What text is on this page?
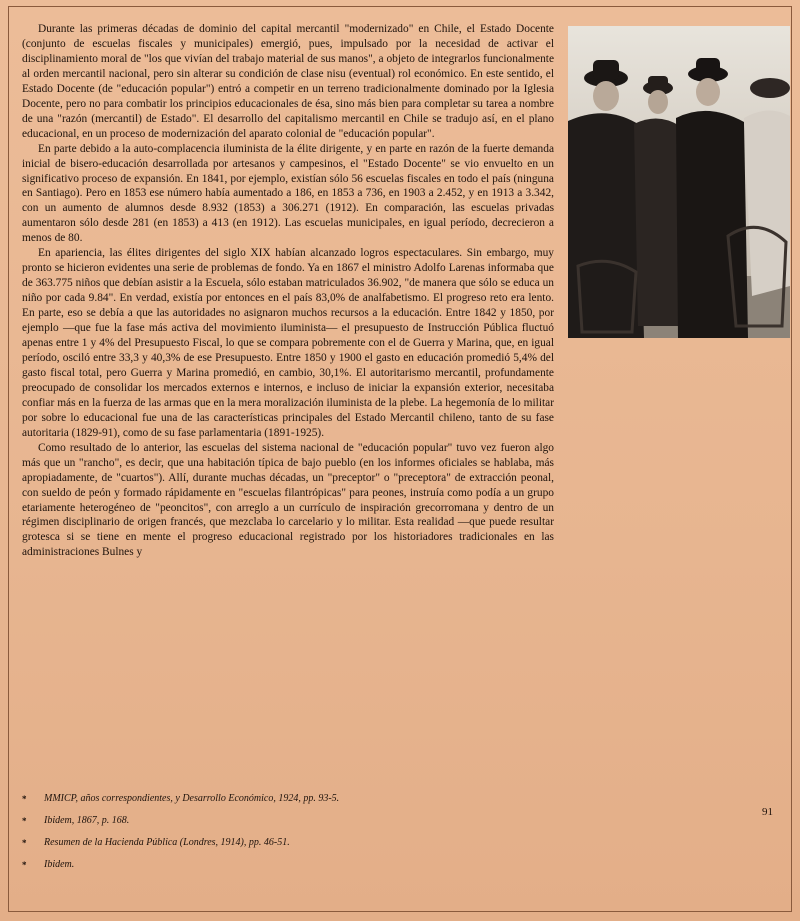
Durante las primeras décadas de dominio del capital mercantil "modernizado" en Chile, el Estado Docente (conjunto de escuelas fiscales y municipales) emergió, pues, impulsado por la necesidad de activar el disciplinamiento moral de "los que vivían del trabajo material de sus manos", a objeto de integrarlos funcionalmente al orden mercantil nacional, pero sin alterar su condición de clase nisu (eventual) rol económico. En este sentido, el Estado Docente (de "educación popular") entró a competir en un terreno tradicionalmente dominado por la Iglesia Docente, pero no para combatir los principios educacionales de ésa, sino más bien para completar su tarea a nombre de una "razón (mercantil) de Estado". El desarrollo del capitalismo mercantil en Chile se tradujo así, en el plano educacional, en un proceso de modernización del aparato colonial de "educación popular".

En parte debido a la auto-complacencia iluminista de la élite dirigente, y en parte en razón de la fuerte demanda inicial de bisero-educación desarrollada por artesanos y campesinos, el "Estado Docente" se vio envuelto en un significativo proceso de expansión. En 1841, por ejemplo, existían sólo 56 escuelas fiscales en todo el país (ninguna en Santiago). Pero en 1853 ese número había aumentado a 186, en 1853 a 736, en 1903 a 2.452, y en 1913 a 3.342, con un aumento de alumnos desde 8.932 (1853) a 306.271 (1912). En comparación, las escuelas privadas aumentaron sólo desde 281 (en 1853) a 413 (en 1912). Las escuelas municipales, en igual período, decrecieron a menos de 80.

En apariencia, las élites dirigentes del siglo XIX habían alcanzado logros espectaculares. Sin embargo, muy pronto se hicieron evidentes una serie de problemas de fondo. Ya en 1867 el ministro Adolfo Larenas informaba que de 363.775 niños que debían asistir a la Escuela, sólo estaban matriculados 36.902, "de manera que sólo se educa un niño por cada 9.84". En verdad, existía por entonces en el país 83,0% de analfabetismo. El progreso reto era lento. En parte, eso se debía a que las autoridades no asignaron muchos recursos a la educación. Entre 1842 y 1850, por ejemplo —que fue la fase más activa del movimiento iluminista— el presupuesto de Instrucción Pública fluctuó apenas entre 1 y 4% del Presupuesto Fiscal, lo que se compara pobremente con el de Guerra y Marina, que, en igual período, osciló entre 33,3 y 40,3% de ese Presupuesto. Entre 1850 y 1900 el gasto en educación promedió 5,4% del gasto fiscal total, pero Guerra y Marina promedió, en cambio, 30,1%. El autoritarismo mercantil, profundamente preocupado de consolidar los mercados externos e internos, e incluso de iniciar la expansión exterior, necesitaba confiar más en la fuerza de las armas que en la mera moralización iluminista de la plebe. La hegemonía de lo militar por sobre lo educacional fue una de las características principales del Estado Mercantil chileno, tanto de su fase autoritaria (1829-91), como de su fase parlamentaria (1891-1925).

Como resultado de lo anterior, las escuelas del sistema nacional de "educación popular" tuvo vez fueron algo más que un "rancho", es decir, que una habitación típica de bajo pueblo (en los informes oficiales se hablaba, más apropiadamente, de "cuartos"). Allí, durante muchas décadas, un "preceptor" o "preceptora" de extracción peonal, con sueldo de peón y formado rápidamente en "escuelas filantrópicas" para peones, instruía como podía a un grupo etariamente heterogéneo de "peoncitos", con arreglo a un currículo de inspiración grecorromana y dentro de un régimen disciplinario de origen francés, que mezclaba lo carcelario y lo militar. Esta realidad —que puede resultar grotesca si se tiene en mente el progreso educacional registrado por los historiadores tradicionales en las administraciones Bulnes y

*	MMICP, años correspondientes, y Desarrollo Económico, 1924, pp. 93-5.
*	Ibidem, 1867, p. 168.
*	Resumen de la Hacienda Pública (Londres, 1914), pp. 46-51.
*	Ibidem.
91
